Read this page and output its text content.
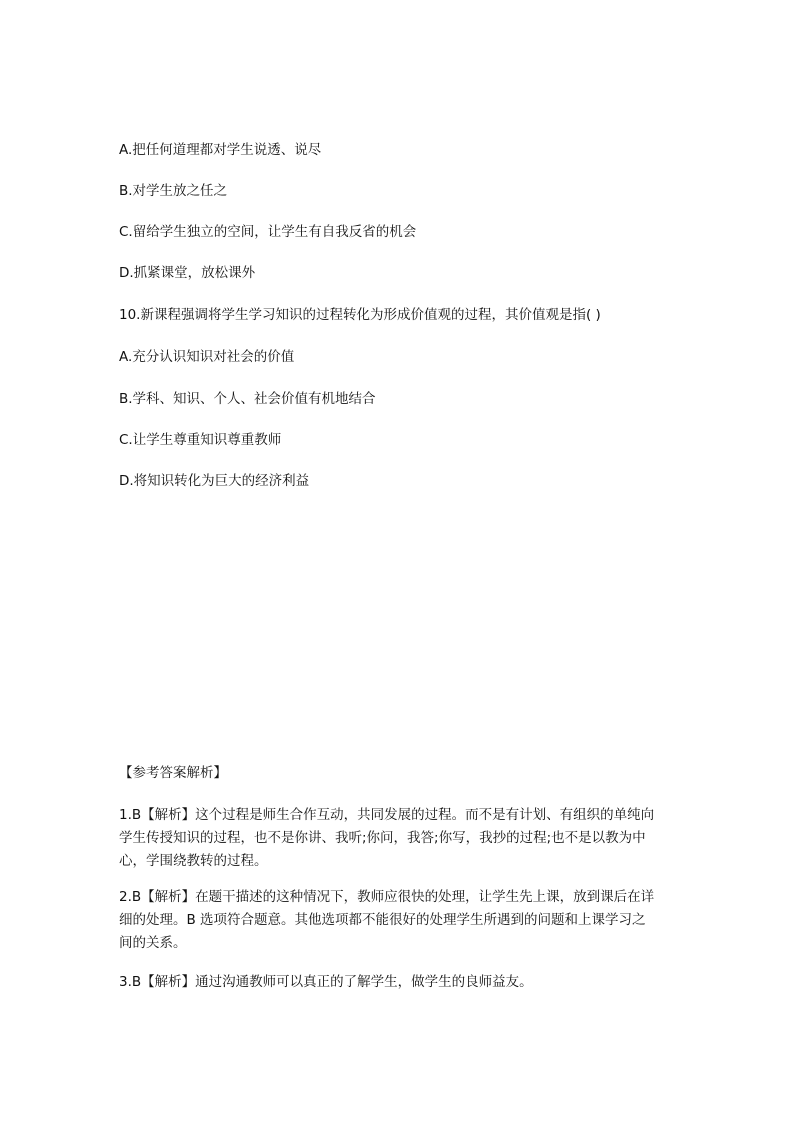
A.把任何道理都对学生说透、说尽
B.对学生放之任之
C.留给学生独立的空间，让学生有自我反省的机会
D.抓紧课堂，放松课外
10.新课程强调将学生学习知识的过程转化为形成价值观的过程，其价值观是指( )
A.充分认识知识对社会的价值
B.学科、知识、个人、社会价值有机地结合
C.让学生尊重知识尊重教师
D.将知识转化为巨大的经济利益
【参考答案解析】
1.B【解析】这个过程是师生合作互动，共同发展的过程。而不是有计划、有组织的单纯向
学生传授知识的过程，也不是你讲、我听;你问，我答;你写，我抄的过程;也不是以教为中
心，学围绕教转的过程。
2.B【解析】在题干描述的这种情况下，教师应很快的处理，让学生先上课，放到课后在详
细的处理。B 选项符合题意。其他选项都不能很好的处理学生所遇到的问题和上课学习之
间的关系。
3.B【解析】通过沟通教师可以真正的了解学生，做学生的良师益友。
